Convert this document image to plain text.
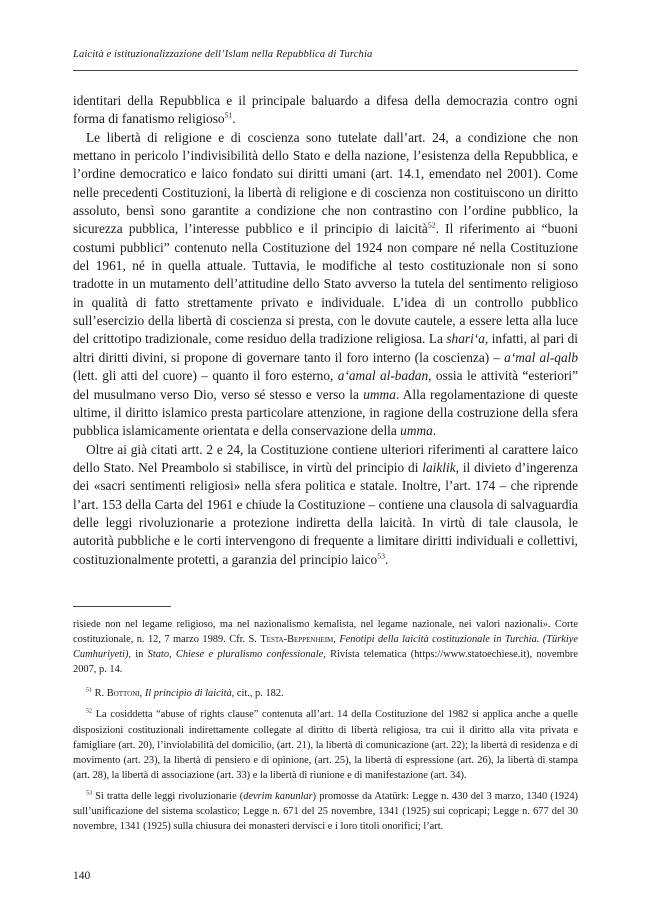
Laicità e istituzionalizzazione dell’Islam nella Repubblica di Turchia

identitari della Repubblica e il principale baluardo a difesa della democrazia contro ogni forma di fanatismo religioso$^{51}$.

Le libertà di religione e di coscienza sono tutelate dall’art. 24, a condizione che non mettano in pericolo l’indivisibilità dello Stato e della nazione, l’esistenza della Repubblica, e l’ordine democratico e laico fondato sui diritti umani (art. 14.1, emendato nel 2001). Come nelle precedenti Costituzioni, la libertà di religione e di coscienza non costituiscono un diritto assoluto, bensì sono garantite a condizione che non contrastino con l’ordine pubblico, la sicurezza pubblica, l’interesse pubblico e il principio di laicità$^{52}$. Il riferimento ai “buoni costumi pubblici” contenuto nella Costituzione del 1924 non compare né nella Costituzione del 1961, né in quella attuale. Tuttavia, le modifiche al testo costituzionale non si sono tradotte in un mutamento dell’attitudine dello Stato avverso la tutela del sentimento religioso in qualità di fatto strettamente privato e individuale. L’idea di un controllo pubblico sull’esercizio della libertà di coscienza si presta, con le dovute cautele, a essere letta alla luce del crittotipo tradizionale, come residuo della tradizione religiosa. La shari‘a, infatti, al pari di altri diritti divini, si propone di governare tanto il foro interno (la coscienza) – a‘mal al-qalb (lett. gli atti del cuore) – quanto il foro esterno, a‘amal al-badan, ossia le attività “esteriori” del musulmano verso Dio, verso sé stesso e verso la umma. Alla regolamentazione di queste ultime, il diritto islamico presta particolare attenzione, in ragione della costruzione della sfera pubblica islamicamente orientata e della conservazione della umma.

Oltre ai già citati artt. 2 e 24, la Costituzione contiene ulteriori riferimenti al carattere laico dello Stato. Nel Preambolo si stabilisce, in virtù del principio di laiklik, il divieto d’ingerenza dei «sacri sentimenti religiosi» nella sfera politica e statale. Inoltre, l’art. 174 – che riprende l’art. 153 della Carta del 1961 e chiude la Costituzione – contiene una clausola di salvaguardia delle leggi rivoluzionarie a protezione indiretta della laicità. In virtù di tale clausola, le autorità pubbliche e le corti intervengono di frequente a limitare diritti individuali e collettivi, costituzionalmente protetti, a garanzia del principio laico$^{53}$.

risiede non nel legame religioso, ma nel nazionalismo kemalista, nel legame nazionale, nei valori nazionali». Corte costituzionale, n. 12, 7 marzo 1989. Cfr. S. Testa-Beppenheim, Fenotipi della laicità costituzionale in Turchia. (Türkiye Cumhuriyeti), in Stato, Chiese e pluralismo confessionale, Rivista telematica (https://www.statoechiese.it), novembre 2007, p. 14.

$^{51}$ R. Bottoni, Il principio di laicità, cit., p. 182.

$^{52}$ La cosiddetta “abuse of rights clause” contenuta all’art. 14 della Costituzione del 1982 si applica anche a quelle disposizioni costituzionali indirettamente collegate al diritto di libertà religiosa, tra cui il diritto alla vita privata e famigliare (art. 20), l’inviolabilità del domicilio, (art. 21), la libertà di comunicazione (art. 22); la libertà di residenza e di movimento (art. 23), la libertà di pensiero e di opinione, (art. 25), la libertà di espressione (art. 26), la libertà di stampa (art. 28), la libertà di associazione (art. 33) e la libertà di riunione e di manifestazione (art. 34).

$^{53}$ Si tratta delle leggi rivoluzionarie (devrim kanunlar) promosse da Atatürk: Legge n. 430 del 3 marzo, 1340 (1924) sull’unificazione del sistema scolastico; Legge n. 671 del 25 novembre, 1341 (1925) sui copricapi; Legge n. 677 del 30 novembre, 1341 (1925) sulla chiusura dei monasteri dervisci e i loro titoli onorifici; l’art.

140
